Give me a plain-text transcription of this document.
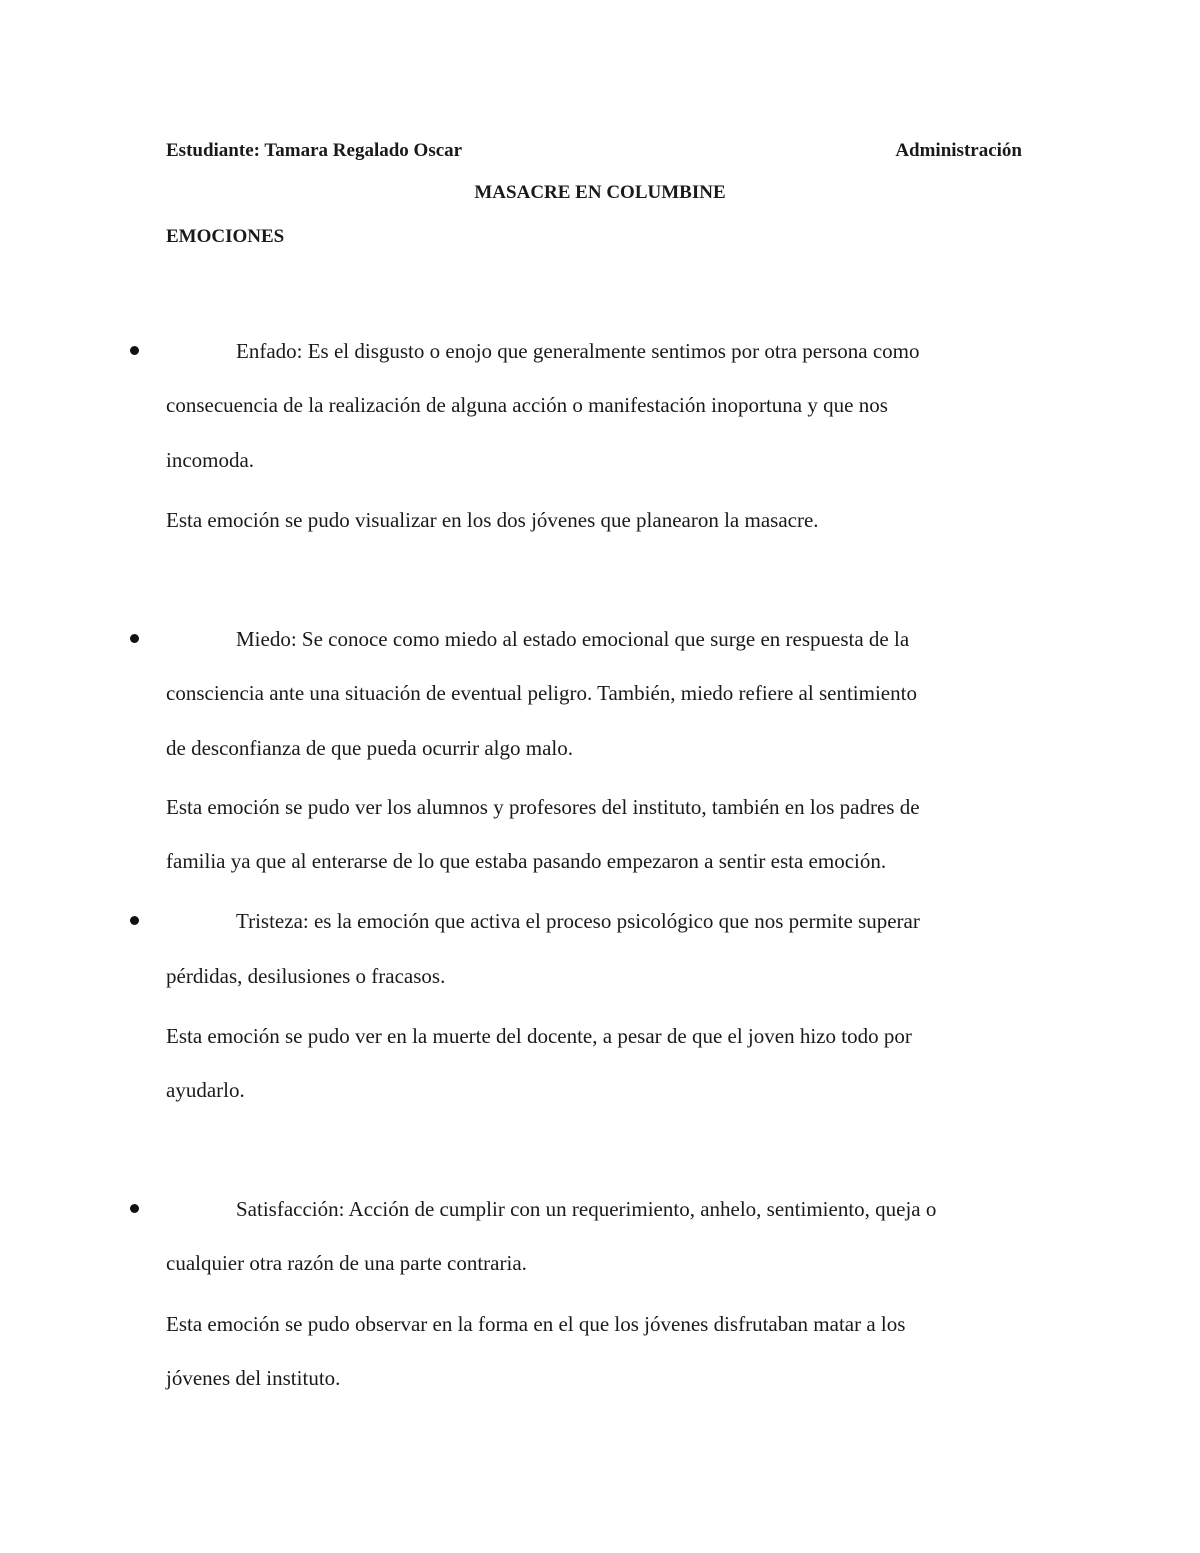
Estudiante: Tamara Regalado Oscar	Administración
MASACRE EN COLUMBINE
EMOCIONES
Enfado: Es el disgusto o enojo que generalmente sentimos por otra persona como
consecuencia de la realización de alguna acción o manifestación inoportuna y que nos
incomoda.
Esta emoción se pudo visualizar en los dos jóvenes que planearon la masacre.
Miedo: Se conoce como miedo al estado emocional que surge en respuesta de la
consciencia ante una situación de eventual peligro. También, miedo refiere al sentimiento
de desconfianza de que pueda ocurrir algo malo.
Esta emoción se pudo ver los alumnos y profesores del instituto, también en los padres de
familia ya que al enterarse de lo que estaba pasando empezaron a sentir esta emoción.
Tristeza: es la emoción que activa el proceso psicológico que nos permite superar
pérdidas, desilusiones o fracasos.
Esta emoción se pudo ver en la muerte del docente, a pesar de que el joven hizo todo por
ayudarlo.
Satisfacción: Acción de cumplir con un requerimiento, anhelo, sentimiento, queja o
cualquier otra razón de una parte contraria.
Esta emoción se pudo observar en la forma en el que los jóvenes disfrutaban matar a los
jóvenes del instituto.
